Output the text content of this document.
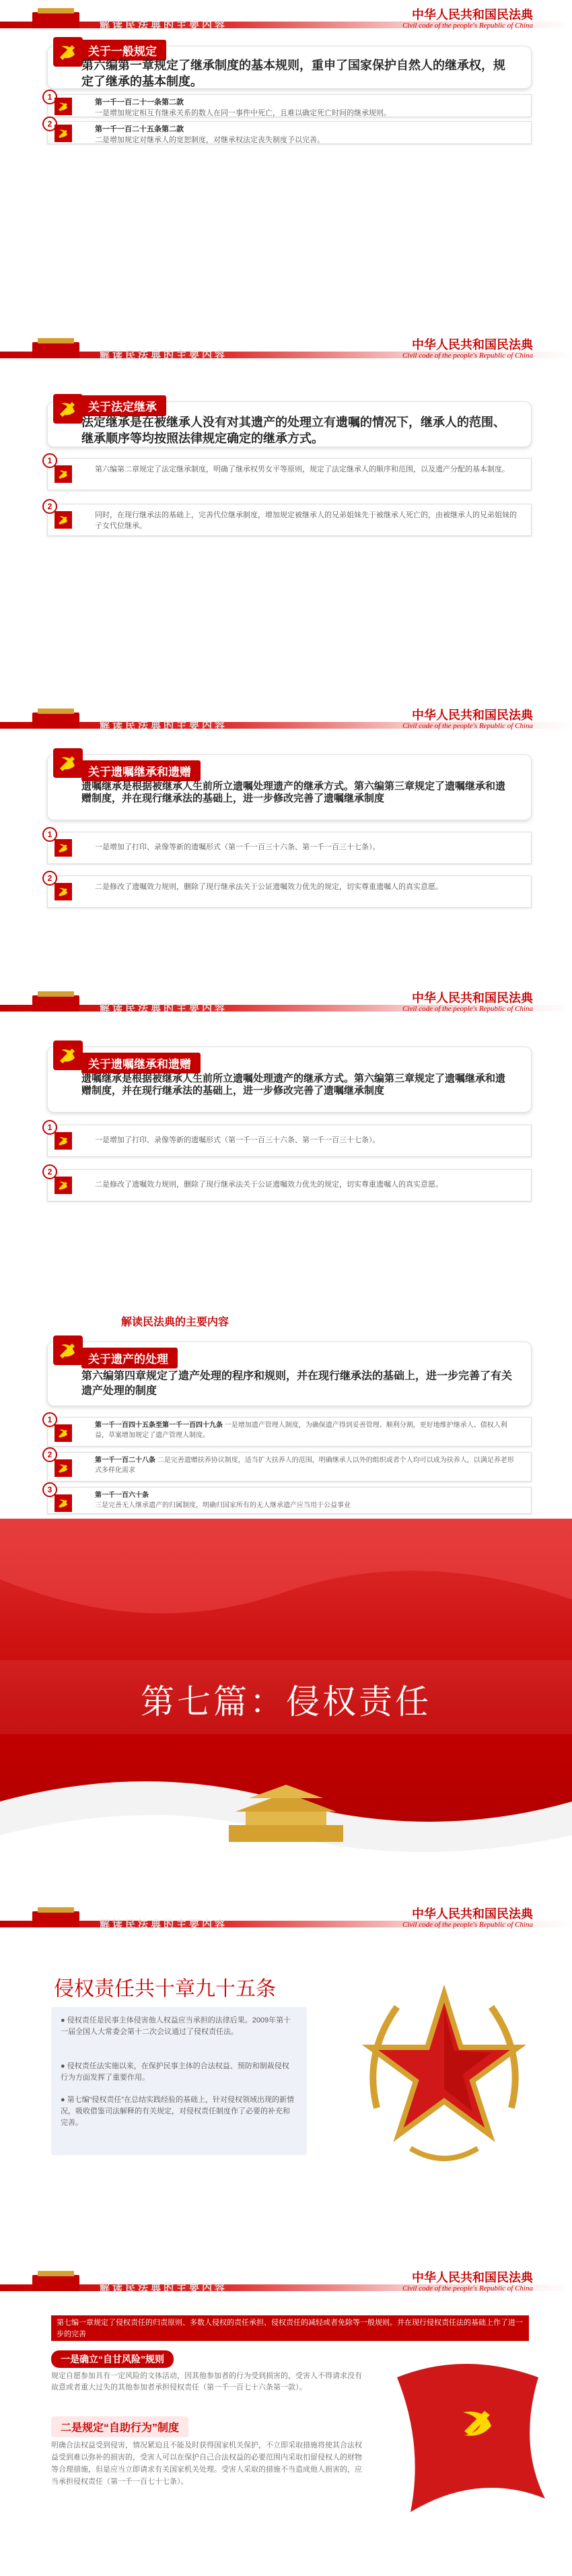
解读民法典的主要内容
中华人民共和国民法典
Civil code of the people's Republic of China
关于一般规定
第六编第一章规定了继承制度的基本规则，重申了国家保护自然人的继承权，规定了继承的基本制度。
1
第一千一百二十一条第二款
一是增加规定相互有继承关系的数人在同一事件中死亡，且难以确定死亡时间的继承规则。
2
第一千一百二十五条第二款
二是增加规定对继承人的宽恕制度，对继承权法定丧失制度予以完善。
解读民法典的主要内容
中华人民共和国民法典
Civil code of the people's Republic of China
关于法定继承
法定继承是在被继承人没有对其遗产的处理立有遗嘱的情况下，继承人的范围、继承顺序等均按照法律规定确定的继承方式。
1
第六编第二章规定了法定继承制度，明确了继承权男女平等原则，规定了法定继承人的顺序和范围，以及遗产分配的基本制度。
2
同时，在现行继承法的基础上，完善代位继承制度，增加规定被继承人的兄弟姐妹先于被继承人死亡的，由被继承人的兄弟姐妹的子女代位继承。
解读民法典的主要内容
中华人民共和国民法典
Civil code of the people's Republic of China
关于遗嘱继承和遗赠
遗嘱继承是根据被继承人生前所立遗嘱处理遗产的继承方式。第六编第三章规定了遗嘱继承和遗赠制度，并在现行继承法的基础上，进一步修改完善了遗嘱继承制度
1
一是增加了打印、录像等新的遗嘱形式（第一千一百三十六条、第一千一百三十七条）。
2
二是修改了遗嘱效力规则，删除了现行继承法关于公证遗嘱效力优先的规定，切实尊重遗嘱人的真实意愿。
解读民法典的主要内容
中华人民共和国民法典
Civil code of the people's Republic of China
关于遗嘱继承和遗赠
遗嘱继承是根据被继承人生前所立遗嘱处理遗产的继承方式。第六编第三章规定了遗嘱继承和遗赠制度，并在现行继承法的基础上，进一步修改完善了遗嘱继承制度
1
一是增加了打印、录像等新的遗嘱形式（第一千一百三十六条、第一千一百三十七条）。
2
二是修改了遗嘱效力规则，删除了现行继承法关于公证遗嘱效力优先的规定，切实尊重遗嘱人的真实意愿。
解读民法典的主要内容
关于遗产的处理
第六编第四章规定了遗产处理的程序和规则，并在现行继承法的基础上，进一步完善了有关遗产处理的制度
1
第一千一百四十五条至第一千一百四十九条 一是增加遗产管理人制度，为确保遗产得到妥善管理、顺利分割，更好地维护继承人、债权人利益，草案增加规定了遗产管理人制度。
2
第一千一百二十八条 二是完善遗赠扶养协议制度，适当扩大扶养人的范围，明确继承人以外的组织或者个人均可以成为扶养人，以满足养老形式多样化需求
3
第一千一百六十条
三是完善无人继承遗产的归属制度，明确归国家所有的无人继承遗产应当用于公益事业
第七篇：侵权责任
解读民法典的主要内容
中华人民共和国民法典
Civil code of the people's Republic of China
侵权责任共十章九十五条
● 侵权责任是民事主体侵害他人权益应当承担的法律后果。2009年第十一届全国人大常委会第十二次会议通过了侵权责任法。
● 侵权责任法实施以来，在保护民事主体的合法权益、预防和制裁侵权行为方面发挥了重要作用。
● 第七编“侵权责任”在总结实践经验的基础上，针对侵权领域出现的新情况，吸收借鉴司法解释的有关规定，对侵权责任制度作了必要的补充和完善。
解读民法典的主要内容
中华人民共和国民法典
Civil code of the people's Republic of China
第七编一章规定了侵权责任的归责原则、多数人侵权的责任承担、侵权责任的减轻或者免除等一般规则。并在现行侵权责任法的基础上作了进一步的完善
一是确立“自甘风险”规则
规定自愿参加具有一定风险的文体活动，因其他参加者的行为受到损害的，受害人不得请求没有故意或者重大过失的其他参加者承担侵权责任（第一千一百七十六条第一款）。
二是规定“自助行为”制度
明确合法权益受到侵害，情况紧迫且不能及时获得国家机关保护，不立即采取措施将使其合法权益受到难以弥补的损害的，受害人可以在保护自己合法权益的必要范围内采取扣留侵权人的财物等合理措施，但是应当立即请求有关国家机关处理。受害人采取的措施不当造成他人损害的，应当承担侵权责任（第一千一百七十七条）。
